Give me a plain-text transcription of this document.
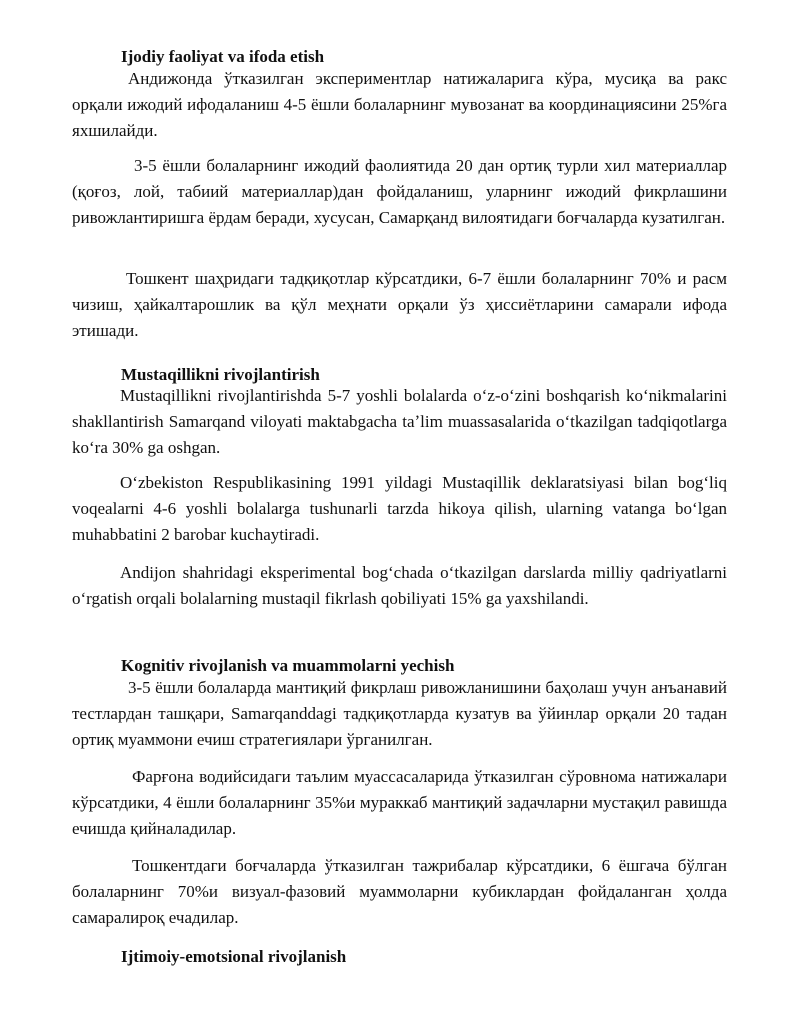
Ijodiy faoliyat va ifoda etish

Андижонда ўтказилган экспериментлар натижаларига кўра, мусиқа ва ракс орқали ижодий ифодаланиш 4-5 ёшли болаларнинг мувозанат ва координациясини 25%га яхшилайди.

3-5 ёшли болаларнинг ижодий фаолиятида 20 дан ортиқ турли хил материаллар (қоғоз, лой, табиий материаллар)дан фойдаланиш, уларнинг ижодий фикрлашини ривожлантиришга ёрдам беради, хусусан, Самарқанд вилоятидаги боғчаларда кузатилган.

Тошкент шаҳридаги тадқиқотлар кўрсатдики, 6-7 ёшли болаларнинг 70% и расм чизиш, ҳайкалтарошлик ва қўл меҳнати орқали ўз ҳиссиётларини самарали ифода этишади.

Mustaqillikni rivojlantirish

Mustaqillikni rivojlantirishda 5-7 yoshli bolalarda oʻz-oʻzini boshqarish koʻnikmalarini shakllantirish Samarqand viloyati maktabgacha taʼlim muassasalarida oʻtkazilgan tadqiqotlarga koʻra 30% ga oshgan.

Oʻzbekiston Respublikasining 1991 yildagi Mustaqillik deklaratsiyasi bilan bogʻliq voqealarni 4-6 yoshli bolalarga tushunarli tarzda hikoya qilish, ularning vatanga boʻlgan muhabbatini 2 barobar kuchaytiradi.

Andijon shahridagi eksperimental bogʻchada oʻtkazilgan darslarda milliy qadriyatlarni oʻrgatish orqali bolalarning mustaqil fikrlash qobiliyati 15% ga yaxshilandi.

Kognitiv rivojlanish va muammolarni yechish

3-5 ёшли болаларда мантиқий фикрлаш ривожланишини баҳолаш учун анъанавий тестлардан ташқари, Samarqanddagi тадқиқотларда кузатув ва ўйинлар орқали 20 тадан ортиқ муаммони ечиш стратегиялари ўрганилган.

Фарғона водийсидаги таълим муассасаларида ўтказилган сўровнома натижалари кўрсатдики, 4 ёшли болаларнинг 35%и мураккаб мантиқий задачларни мустақил равишда ечишда қийналадилар.

Тошкентдаги боғчаларда ўтказилган тажрибалар кўрсатдики, 6 ёшгача бўлган болаларнинг 70%и визуал-фазовий муаммоларни кубиклардан фойдаланган ҳолда самаралироқ ечадилар.

Ijtimoiy-emotsional rivojlanish
